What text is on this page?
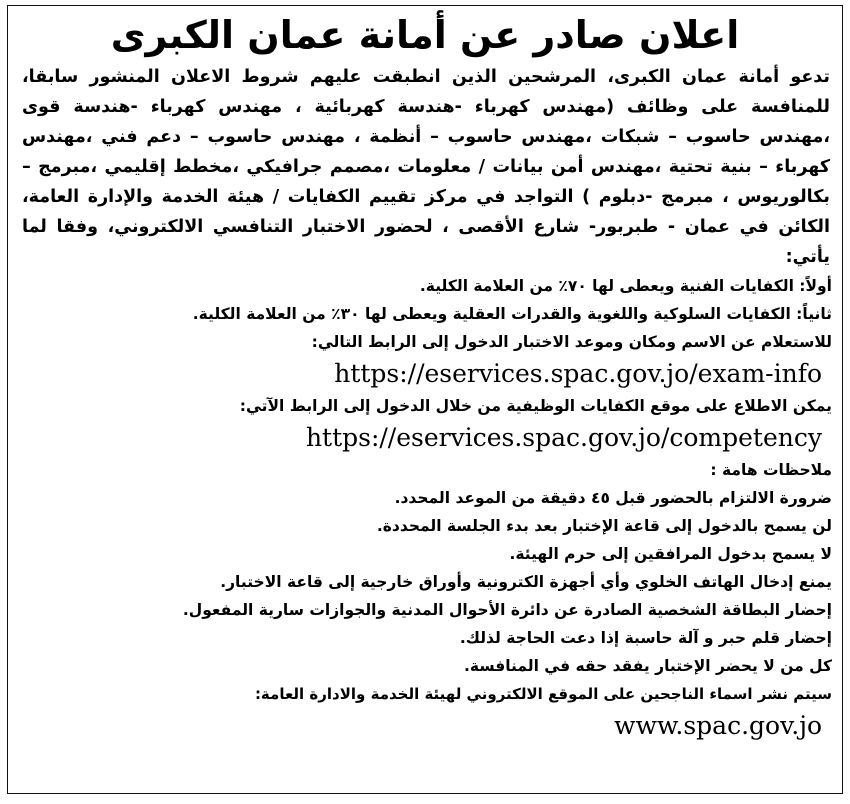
اعلان صادر عن أمانة عمان الكبرى
تدعو أمانة عمان الكبرى، المرشحين الذين انطبقت عليهم شروط الاعلان المنشور سابقا، للمنافسة على وظائف (مهندس كهرباء -هندسة كهربائية ، مهندس كهرباء -هندسة قوى ،مهندس حاسوب – شبكات ،مهندس حاسوب – أنظمة ، مهندس حاسوب – دعم فني ،مهندس كهرباء – بنية تحتية ،مهندس أمن بيانات / معلومات ،مصمم جرافيكي ،مخطط إقليمي ،مبرمج – بكالوريوس ، مبرمج -دبلوم ) التواجد في مركز تقييم الكفايات / هيئة الخدمة والإدارة العامة، الكائن في عمان - طبربور- شارع الأقصى ، لحضور الاختبار التنافسي الالكتروني، وفقا لما يأتي:
أولاً: الكفايات الفنية ويعطى لها ٧٠٪ من العلامة الكلية.
ثانياً: الكفايات السلوكية واللغوية والقدرات العقلية ويعطى لها ٣٠٪ من العلامة الكلية.
للاستعلام عن الاسم ومكان وموعد الاختبار الدخول إلى الرابط التالي:
https://eservices.spac.gov.jo/exam-info
يمكن الاطلاع على موقع الكفايات الوظيفية من خلال الدخول إلى الرابط الآتي:
https://eservices.spac.gov.jo/competency
ملاحظات هامة :
ضرورة الالتزام بالحضور قبل ٤٥ دقيقة من الموعد المحدد.
لن يسمح بالدخول إلى قاعة الإختبار بعد بدء الجلسة المحددة.
لا يسمح بدخول المرافقين إلى حرم الهيئة.
يمنع إدخال الهاتف الخلوي وأي أجهزة الكترونية وأوراق خارجية إلى قاعة الاختبار.
إحضار البطاقة الشخصية الصادرة عن دائرة الأحوال المدنية والجوازات سارية المفعول.
إحضار قلم حبر و آلة حاسبة إذا دعت الحاجة لذلك.
كل من لا يحضر الإختبار يفقد حقه في المنافسة.
سيتم نشر اسماء الناجحين على الموقع الالكتروني لهيئة الخدمة والادارة العامة:
www.spac.gov.jo
